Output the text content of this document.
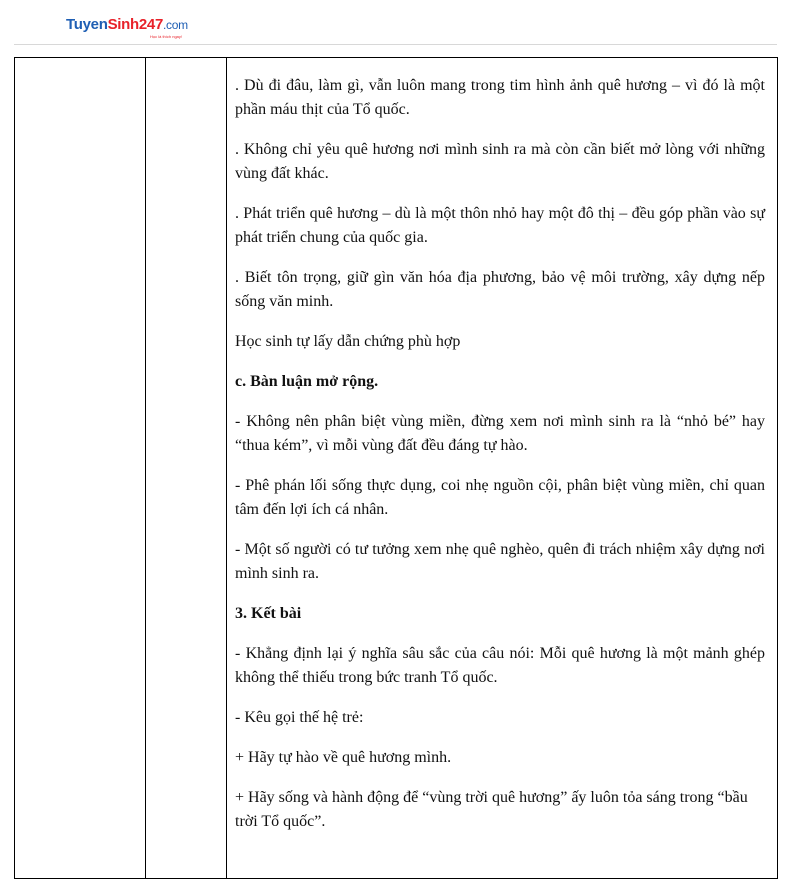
TuyenSinh247.com
Học là thích ngay!

. Dù đi đâu, làm gì, vẫn luôn mang trong tim hình ảnh quê hương – vì đó là một phần máu thịt của Tổ quốc.

. Không chỉ yêu quê hương nơi mình sinh ra mà còn cần biết mở lòng với những vùng đất khác.

. Phát triển quê hương – dù là một thôn nhỏ hay một đô thị – đều góp phần vào sự phát triển chung của quốc gia.

. Biết tôn trọng, giữ gìn văn hóa địa phương, bảo vệ môi trường, xây dựng nếp sống văn minh.

Học sinh tự lấy dẫn chứng phù hợp

c. Bàn luận mở rộng.

- Không nên phân biệt vùng miền, đừng xem nơi mình sinh ra là “nhỏ bé” hay “thua kém”, vì mỗi vùng đất đều đáng tự hào.

- Phê phán lối sống thực dụng, coi nhẹ nguồn cội, phân biệt vùng miền, chỉ quan tâm đến lợi ích cá nhân.

- Một số người có tư tưởng xem nhẹ quê nghèo, quên đi trách nhiệm xây dựng nơi mình sinh ra.

3. Kết bài

- Khẳng định lại ý nghĩa sâu sắc của câu nói: Mỗi quê hương là một mảnh ghép không thể thiếu trong bức tranh Tổ quốc.

- Kêu gọi thế hệ trẻ:

+ Hãy tự hào về quê hương mình.

+ Hãy sống và hành động để “vùng trời quê hương” ấy luôn tỏa sáng trong “bầu trời Tổ quốc”.
